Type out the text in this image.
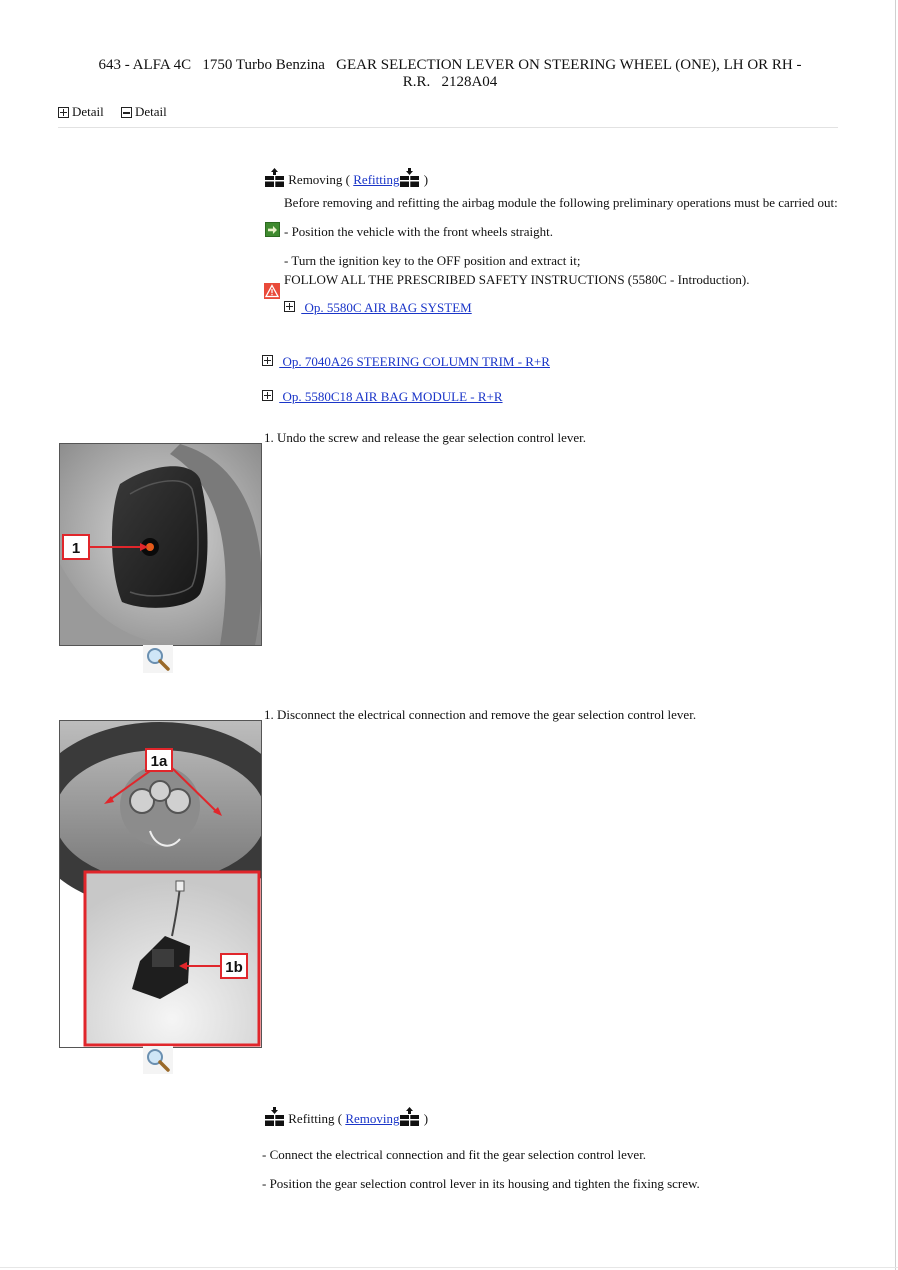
643 - ALFA 4C   1750 Turbo Benzina   GEAR SELECTION LEVER ON STEERING WHEEL (ONE), LH OR RH -
R.R.   2128A04
Detail
Detail
Removing ( Refitting )
Before removing and refitting the airbag module the following preliminary operations must be carried out:
- Position the vehicle with the front wheels straight.
- Turn the ignition key to the OFF position and extract it;
FOLLOW ALL THE PRESCRIBED SAFETY INSTRUCTIONS (5580C - Introduction).
Op. 5580C AIR BAG SYSTEM
Op. 7040A26 STEERING COLUMN TRIM - R+R
Op. 5580C18 AIR BAG MODULE - R+R
1. Undo the screw and release the gear selection control lever.
1
1. Disconnect the electrical connection and remove the gear selection control lever.
1a
1b
Refitting ( Removing )
- Connect the electrical connection and fit the gear selection control lever.
- Position the gear selection control lever in its housing and tighten the fixing screw.
